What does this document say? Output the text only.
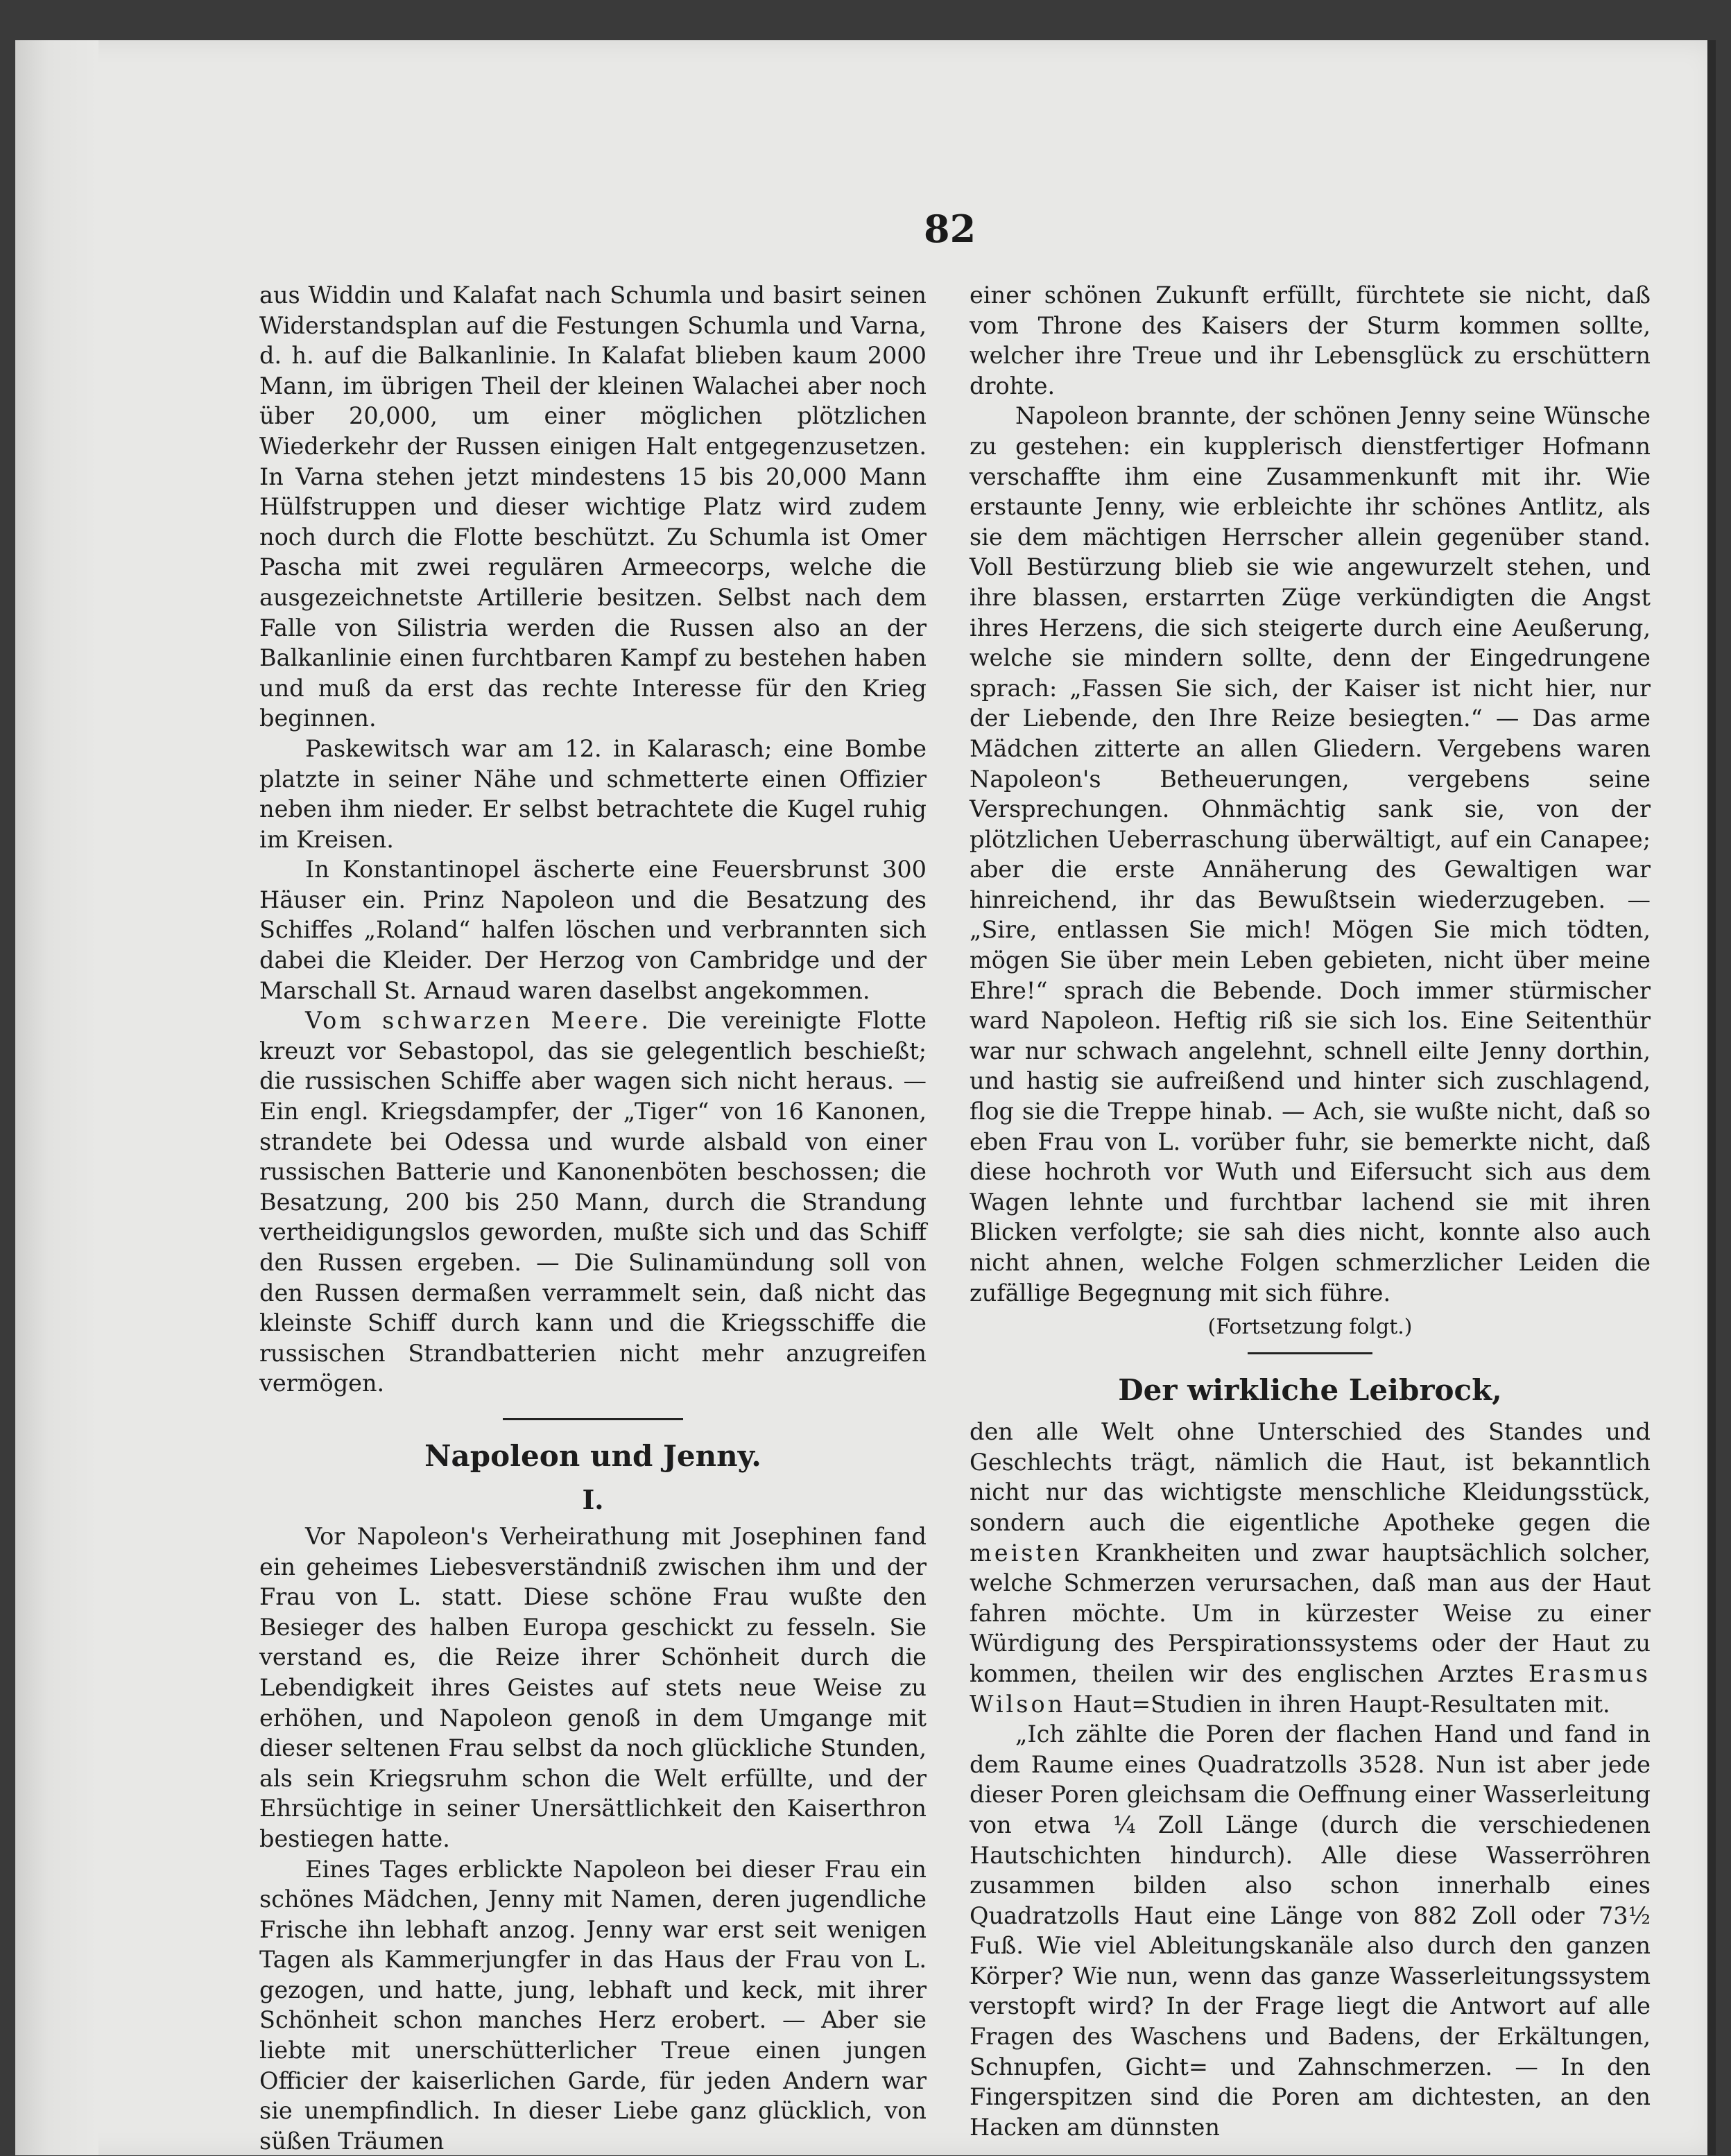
82

aus Widdin und Kalafat nach Schumla und basirt seinen Widerstandsplan auf die Festungen Schumla und Varna, d. h. auf die Balkanlinie. In Kalafat blieben kaum 2000 Mann, im übrigen Theil der kleinen Walachei aber noch über 20,000, um einer möglichen plötzlichen Wiederkehr der Russen einigen Halt entgegenzusetzen. In Varna stehen jetzt mindestens 15 bis 20,000 Mann Hülfstruppen und dieser wichtige Platz wird zudem noch durch die Flotte beschützt. Zu Schumla ist Omer Pascha mit zwei regulären Armeecorps, welche die ausgezeichnetste Artillerie besitzen. Selbst nach dem Falle von Silistria werden die Russen also an der Balkanlinie einen furchtbaren Kampf zu bestehen haben und muß da erst das rechte Interesse für den Krieg beginnen.

Paskewitsch war am 12. in Kalarasch; eine Bombe platzte in seiner Nähe und schmetterte einen Offizier neben ihm nieder. Er selbst betrachtete die Kugel ruhig im Kreisen.

In Konstantinopel äscherte eine Feuersbrunst 300 Häuser ein. Prinz Napoleon und die Besatzung des Schiffes „Roland“ halfen löschen und verbrannten sich dabei die Kleider. Der Herzog von Cambridge und der Marschall St. Arnaud waren daselbst angekommen.

Vom schwarzen Meere. Die vereinigte Flotte kreuzt vor Sebastopol, das sie gelegentlich beschießt; die russischen Schiffe aber wagen sich nicht heraus. — Ein engl. Kriegsdampfer, der „Tiger“ von 16 Kanonen, strandete bei Odessa und wurde alsbald von einer russischen Batterie und Kanonenböten beschossen; die Besatzung, 200 bis 250 Mann, durch die Strandung vertheidigungslos geworden, mußte sich und das Schiff den Russen ergeben. — Die Sulinamündung soll von den Russen dermaßen verrammelt sein, daß nicht das kleinste Schiff durch kann und die Kriegsschiffe die russischen Strandbatterien nicht mehr anzugreifen vermögen.

Napoleon und Jenny.
I.

Vor Napoleon's Verheirathung mit Josephinen fand ein geheimes Liebesverständniß zwischen ihm und der Frau von L. statt. Diese schöne Frau wußte den Besieger des halben Europa geschickt zu fesseln. Sie verstand es, die Reize ihrer Schönheit durch die Lebendigkeit ihres Geistes auf stets neue Weise zu erhöhen, und Napoleon genoß in dem Umgange mit dieser seltenen Frau selbst da noch glückliche Stunden, als sein Kriegsruhm schon die Welt erfüllte, und der Ehrsüchtige in seiner Unersättlichkeit den Kaiserthron bestiegen hatte.

Eines Tages erblickte Napoleon bei dieser Frau ein schönes Mädchen, Jenny mit Namen, deren jugendliche Frische ihn lebhaft anzog. Jenny war erst seit wenigen Tagen als Kammerjungfer in das Haus der Frau von L. gezogen, und hatte, jung, lebhaft und keck, mit ihrer Schönheit schon manches Herz erobert. — Aber sie liebte mit unerschütterlicher Treue einen jungen Officier der kaiserlichen Garde, für jeden Andern war sie unempfindlich. In dieser Liebe ganz glücklich, von süßen Träumen

einer schönen Zukunft erfüllt, fürchtete sie nicht, daß vom Throne des Kaisers der Sturm kommen sollte, welcher ihre Treue und ihr Lebensglück zu erschüttern drohte.

Napoleon brannte, der schönen Jenny seine Wünsche zu gestehen: ein kupplerisch dienstfertiger Hofmann verschaffte ihm eine Zusammenkunft mit ihr. Wie erstaunte Jenny, wie erbleichte ihr schönes Antlitz, als sie dem mächtigen Herrscher allein gegenüber stand. Voll Bestürzung blieb sie wie angewurzelt stehen, und ihre blassen, erstarrten Züge verkündigten die Angst ihres Herzens, die sich steigerte durch eine Aeußerung, welche sie mindern sollte, denn der Eingedrungene sprach: „Fassen Sie sich, der Kaiser ist nicht hier, nur der Liebende, den Ihre Reize besiegten.“ — Das arme Mädchen zitterte an allen Gliedern. Vergebens waren Napoleon's Betheuerungen, vergebens seine Versprechungen. Ohnmächtig sank sie, von der plötzlichen Ueberraschung überwältigt, auf ein Canapee; aber die erste Annäherung des Gewaltigen war hinreichend, ihr das Bewußtsein wiederzugeben. — „Sire, entlassen Sie mich! Mögen Sie mich tödten, mögen Sie über mein Leben gebieten, nicht über meine Ehre!“ sprach die Bebende. Doch immer stürmischer ward Napoleon. Heftig riß sie sich los. Eine Seitenthür war nur schwach angelehnt, schnell eilte Jenny dorthin, und hastig sie aufreißend und hinter sich zuschlagend, flog sie die Treppe hinab. — Ach, sie wußte nicht, daß so eben Frau von L. vorüber fuhr, sie bemerkte nicht, daß diese hochroth vor Wuth und Eifersucht sich aus dem Wagen lehnte und furchtbar lachend sie mit ihren Blicken verfolgte; sie sah dies nicht, konnte also auch nicht ahnen, welche Folgen schmerzlicher Leiden die zufällige Begegnung mit sich führe.

(Fortsetzung folgt.)
Der wirkliche Leibrock,

den alle Welt ohne Unterschied des Standes und Geschlechts trägt, nämlich die Haut, ist bekanntlich nicht nur das wichtigste menschliche Kleidungsstück, sondern auch die eigentliche Apotheke gegen die meisten Krankheiten und zwar hauptsächlich solcher, welche Schmerzen verursachen, daß man aus der Haut fahren möchte. Um in kürzester Weise zu einer Würdigung des Perspirationssystems oder der Haut zu kommen, theilen wir des englischen Arztes Erasmus Wilson Haut=Studien in ihren Haupt-Resultaten mit.

„Ich zählte die Poren der flachen Hand und fand in dem Raume eines Quadratzolls 3528. Nun ist aber jede dieser Poren gleichsam die Oeffnung einer Wasserleitung von etwa ¼ Zoll Länge (durch die verschiedenen Hautschichten hindurch). Alle diese Wasserröhren zusammen bilden also schon innerhalb eines Quadratzolls Haut eine Länge von 882 Zoll oder 73½ Fuß. Wie viel Ableitungskanäle also durch den ganzen Körper? Wie nun, wenn das ganze Wasserleitungssystem verstopft wird? In der Frage liegt die Antwort auf alle Fragen des Waschens und Badens, der Erkältungen, Schnupfen, Gicht= und Zahnschmerzen. — In den Fingerspitzen sind die Poren am dichtesten, an den Hacken am dünnsten
